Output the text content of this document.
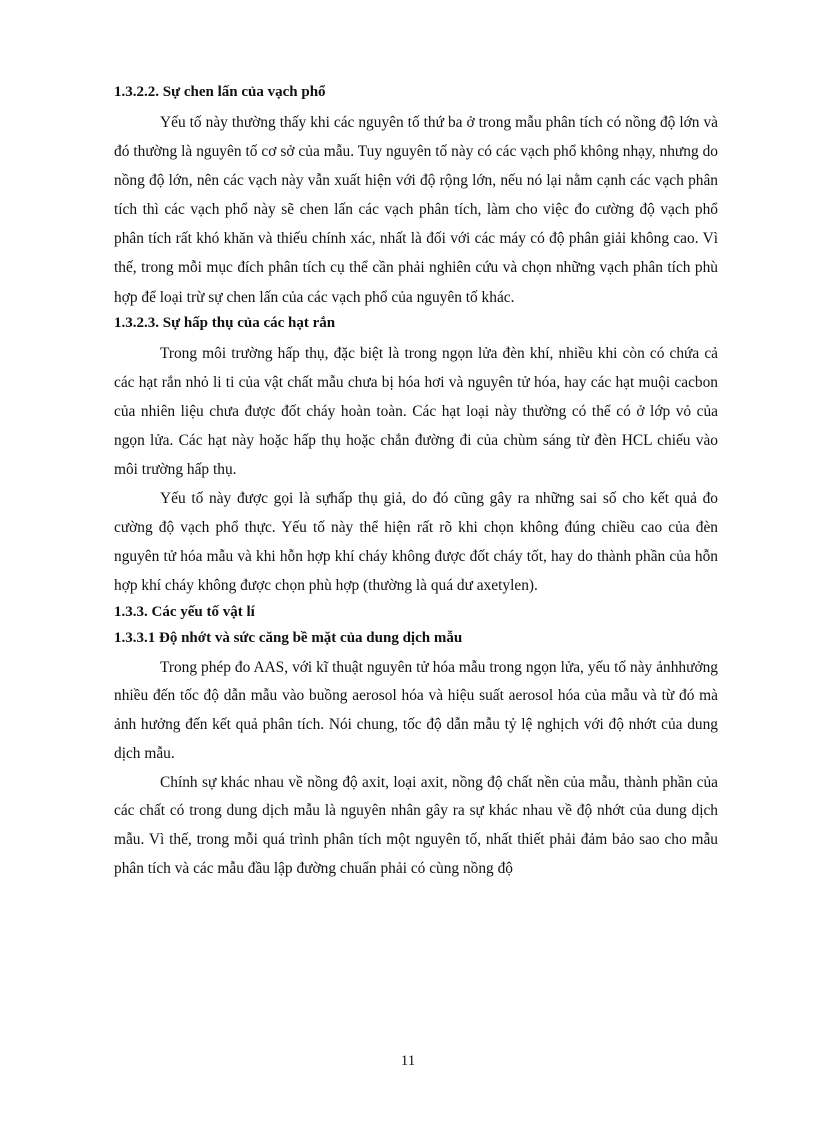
1.3.2.2. Sự chen lấn của vạch phổ

Yếu tố này thường thấy khi các nguyên tố thứ ba ở trong mẫu phân tích có nồng độ lớn và đó thường là nguyên tố cơ sở của mẫu. Tuy nguyên tố này có các vạch phổ không nhạy, nhưng do nồng độ lớn, nên các vạch này vẫn xuất hiện với độ rộng lớn, nếu nó lại nằm cạnh các vạch phân tích thì các vạch phổ này sẽ chen lấn các vạch phân tích, làm cho việc đo cường độ vạch phổ phân tích rất khó khăn và thiếu chính xác, nhất là đối với các máy có độ phân giải không cao. Vì thế, trong mỗi mục đích phân tích cụ thể cần phải nghiên cứu và chọn những vạch phân tích phù hợp để loại trừ sự chen lấn của các vạch phổ của nguyên tố khác.

1.3.2.3. Sự hấp thụ của các hạt rắn

Trong môi trường hấp thụ, đặc biệt là trong ngọn lửa đèn khí, nhiều khi còn có chứa cả các hạt rắn nhỏ li ti của vật chất mẫu chưa bị hóa hơi và nguyên tử hóa, hay các hạt muội cacbon của nhiên liệu chưa được đốt cháy hoàn toàn. Các hạt loại này thường có thể có ở lớp vỏ của ngọn lửa. Các hạt này hoặc hấp thụ hoặc chắn đường đi của chùm sáng từ đèn HCL chiếu vào môi trường hấp thụ.

Yếu tố này được gọi là sựhấp thụ giả, do đó cũng gây ra những sai số cho kết quả đo cường độ vạch phổ thực. Yếu tố này thể hiện rất rõ khi chọn không đúng chiều cao của đèn nguyên tử hóa mẫu và khi hỗn hợp khí cháy không được đốt cháy tốt, hay do thành phần của hỗn hợp khí cháy không được chọn phù hợp (thường là quá dư axetylen).

1.3.3. Các yếu tố vật lí

1.3.3.1 Độ nhớt và sức căng bề mặt của dung dịch mẫu

Trong phép đo AAS, với kĩ thuật nguyên tử hóa mẫu trong ngọn lửa, yếu tố này ảnhhưởng nhiều đến tốc độ dẫn mẫu vào buồng aerosol hóa và hiệu suất aerosol hóa của mẫu và từ đó mà ảnh hưởng đến kết quả phân tích. Nói chung, tốc độ dẫn mẫu tỷ lệ nghịch với độ nhớt của dung dịch mẫu.

Chính sự khác nhau về nồng độ axit, loại axit, nồng độ chất nền của mẫu, thành phần của các chất có trong dung dịch mẫu là nguyên nhân gây ra sự khác nhau về độ nhớt của dung dịch mẫu. Vì thế, trong mỗi quá trình phân tích một nguyên tố, nhất thiết phải đảm bảo sao cho mẫu phân tích và các mẫu đầu lập đường chuẩn phải có cùng nồng độ

11
